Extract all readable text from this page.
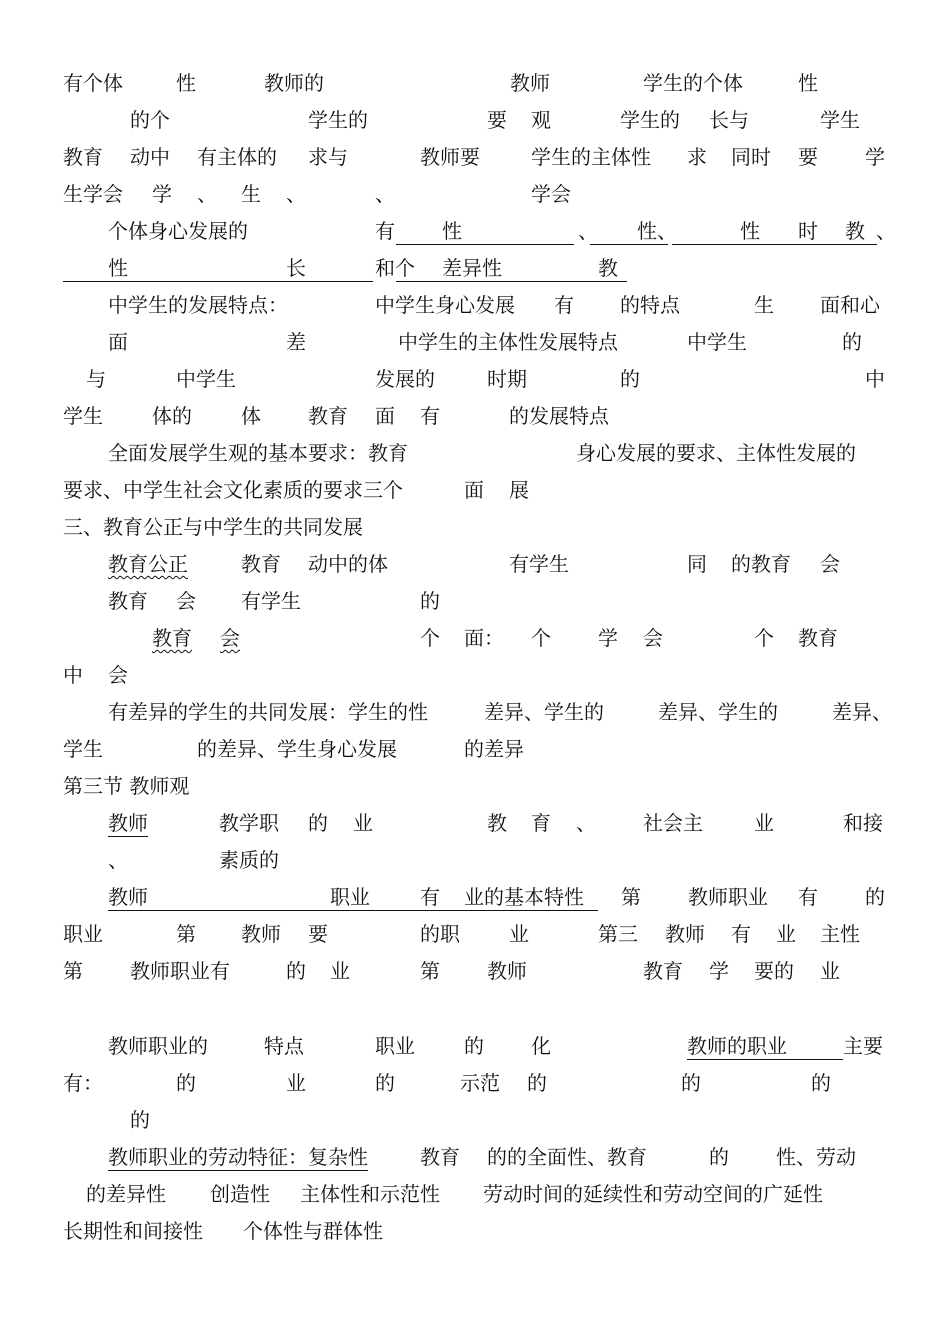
有个体

	性

	教师的

	教师

	学生的个体

	性

的个

	学生的

	要

观

	学生的

长与

	学生

教育

动中

有主体的

求与

	教师要

	学生的主体性

求

同时

要

学

生学会

学

、

生

、

	、

	学会

个体身心发展的

	有

性

	、

性、

	性

时

教

、

性

	长

	和个

差异性

	教

中学生的发展特点：

	中学生身心发展

有

的特点

	生

面和心

面

	差

	中学生的主体性发展特点

	中学生

	的

与

	中学生

	发展的

	时期

	的

	中

学生

体的

体

教育

面

有

	的发展特点

全面发展学生观的基本要求：教育

	身心发展的要求、主体性发展的

要求、中学生社会文化素质的要求三个

	面

展

三、教育公正与中学生的共同发展

教育公正

	教育

动中的体

	有学生

	同

的教育

会

教育

会

有学生

	的

教育

会

	个

面：

个

学

会

	个

教育

中

会

有差异的学生的共同发展：学生的性

	差异、学生的

	差异、学生的

	差异、

学生

	的差异、学生身心发展

	的差异

第三节 教师观

教师

	教学职

的

业

	教

育

、

社会主

	业

	和接

、

	素质的

教师

	职业

	有

业的基本特性

第

教师职业

有

的

职业

	第

教师

要

	的职

业

	第三

教师

有

业

主性

第

教师职业有

	的

业

	第

教师

	教育

学

要的

业

教师职业的

	特点

	职业

的

化

	教师的职业

	主要

有：

	的

	业

	的

	示范

的

	的

	的

的

教师职业的劳动特征：复杂性

	教育

的的全面性、教育

	的

性、劳动

的差异性

创造性

主体性和示范性

劳动时间的延续性和劳动空间的广延性

长期性和间接性

个体性与群体性
